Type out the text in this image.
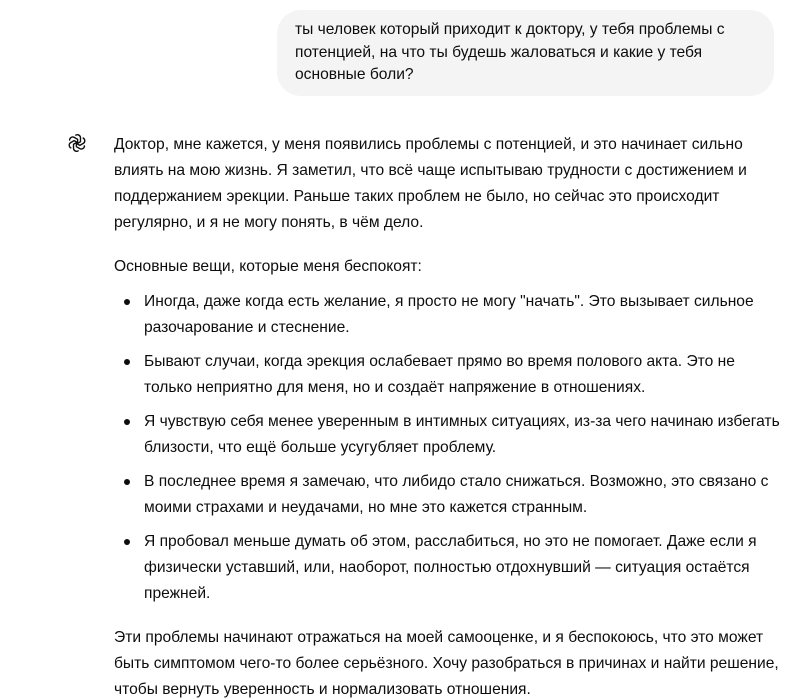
ты человек который приходит к доктору, у тебя проблемы с потенцией, на что ты будешь жаловаться и какие у тебя основные боли?

Доктор, мне кажется, у меня появились проблемы с потенцией, и это начинает сильно влиять на мою жизнь. Я заметил, что всё чаще испытываю трудности с достижением и поддержанием эрекции. Раньше таких проблем не было, но сейчас это происходит регулярно, и я не могу понять, в чём дело.

Основные вещи, которые меня беспокоят:

Иногда, даже когда есть желание, я просто не могу "начать". Это вызывает сильное разочарование и стеснение.
Бывают случаи, когда эрекция ослабевает прямо во время полового акта. Это не только неприятно для меня, но и создаёт напряжение в отношениях.
Я чувствую себя менее уверенным в интимных ситуациях, из-за чего начинаю избегать близости, что ещё больше усугубляет проблему.
В последнее время я замечаю, что либидо стало снижаться. Возможно, это связано с моими страхами и неудачами, но мне это кажется странным.
Я пробовал меньше думать об этом, расслабиться, но это не помогает. Даже если я физически уставший, или, наоборот, полностью отдохнувший — ситуация остаётся прежней.

Эти проблемы начинают отражаться на моей самооценке, и я беспокоюсь, что это может быть симптомом чего-то более серьёзного. Хочу разобраться в причинах и найти решение, чтобы вернуть уверенность и нормализовать отношения.
